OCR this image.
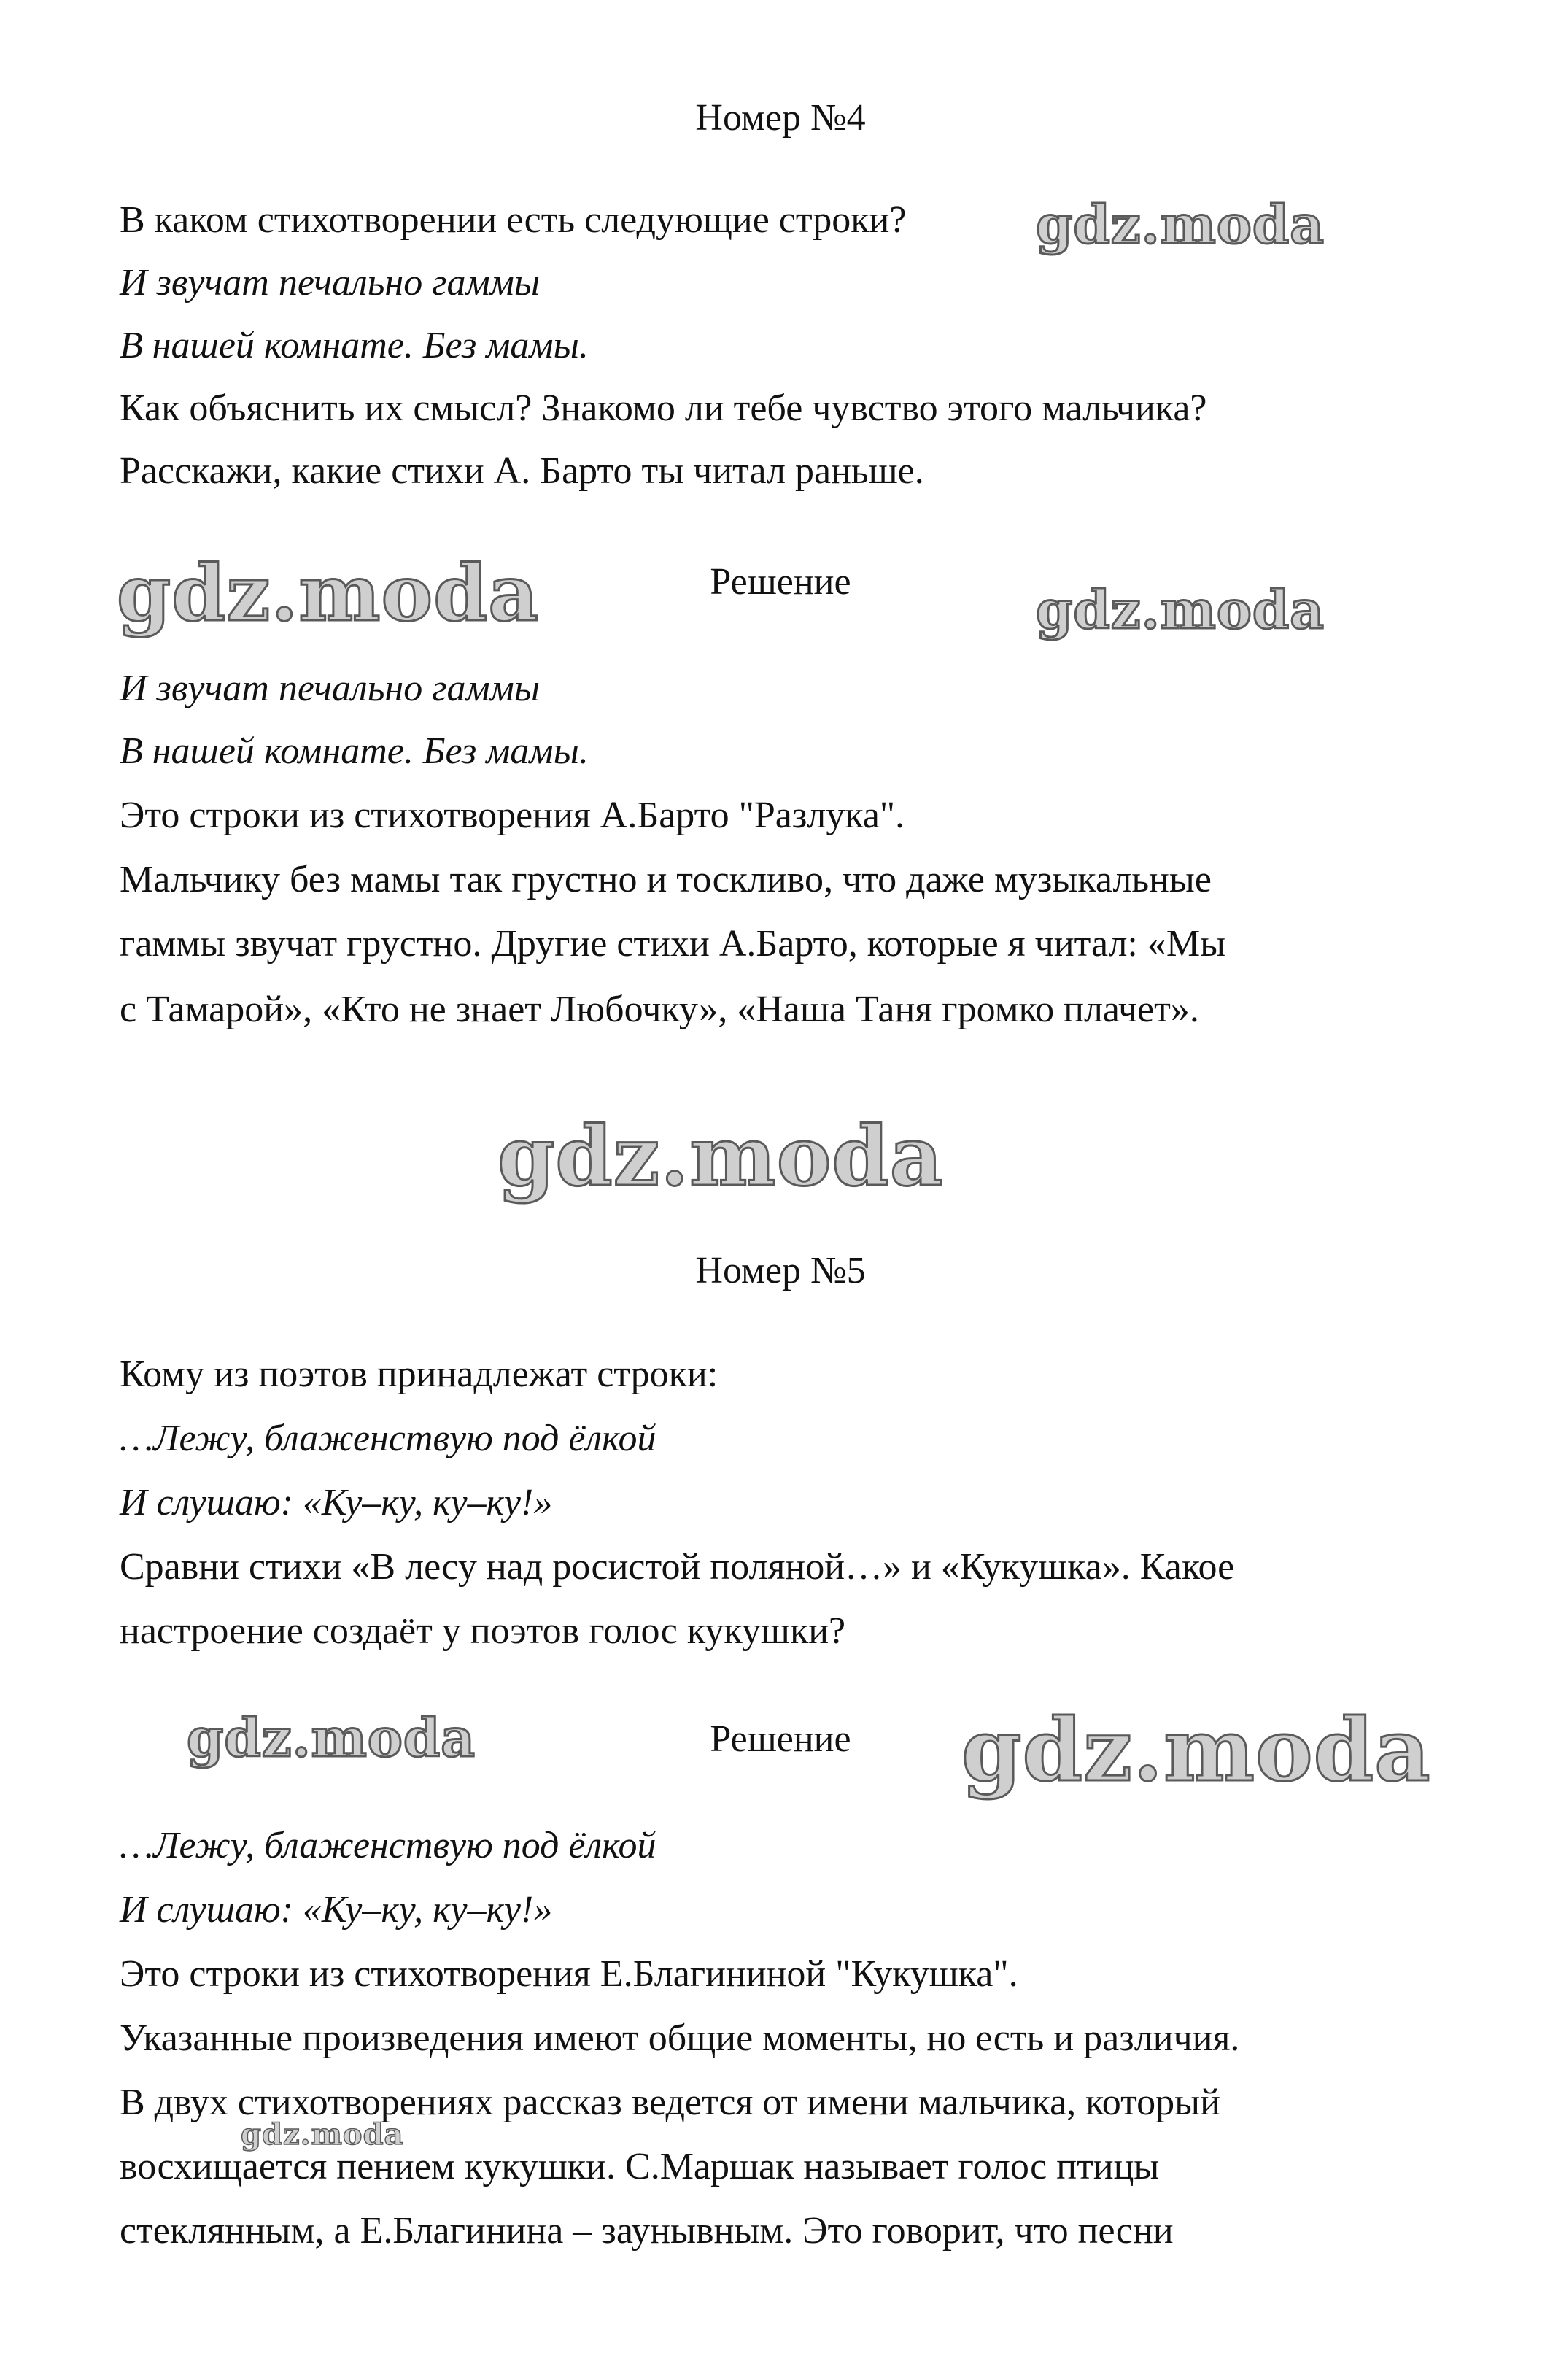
Номер №4
В каком стихотворении есть следующие строки?
И звучат печально гаммы
В нашей комнате. Без мамы.
Как объяснить их смысл? Знакомо ли тебе чувство этого мальчика?
Расскажи, какие стихи А. Барто ты читал раньше.
Решение
И звучат печально гаммы
В нашей комнате. Без мамы.
Это строки из стихотворения А.Барто "Разлука".
Мальчику без мамы так грустно и тоскливо, что даже музыкальные
гаммы звучат грустно. Другие стихи А.Барто, которые я читал: «Мы
с Тамарой», «Кто не знает Любочку», «Наша Таня громко плачет».
Номер №5
Кому из поэтов принадлежат строки:
…Лежу, блаженствую под ёлкой
И слушаю: «Ку–ку, ку–ку!»
Сравни стихи «В лесу над росистой поляной…» и «Кукушка». Какое
настроение создаёт у поэтов голос кукушки?
Решение
…Лежу, блаженствую под ёлкой
И слушаю: «Ку–ку, ку–ку!»
Это строки из стихотворения Е.Благининой "Кукушка".
Указанные произведения имеют общие моменты, но есть и различия.
В двух стихотворениях рассказ ведется от имени мальчика, который
восхищается пением кукушки. С.Маршак называет голос птицы
стеклянным, а Е.Благинина – заунывным. Это говорит, что песни
gdz.moda
gdz.moda	gdz.moda
gdz.moda
gdz.moda	gdz.moda
gdz.moda
